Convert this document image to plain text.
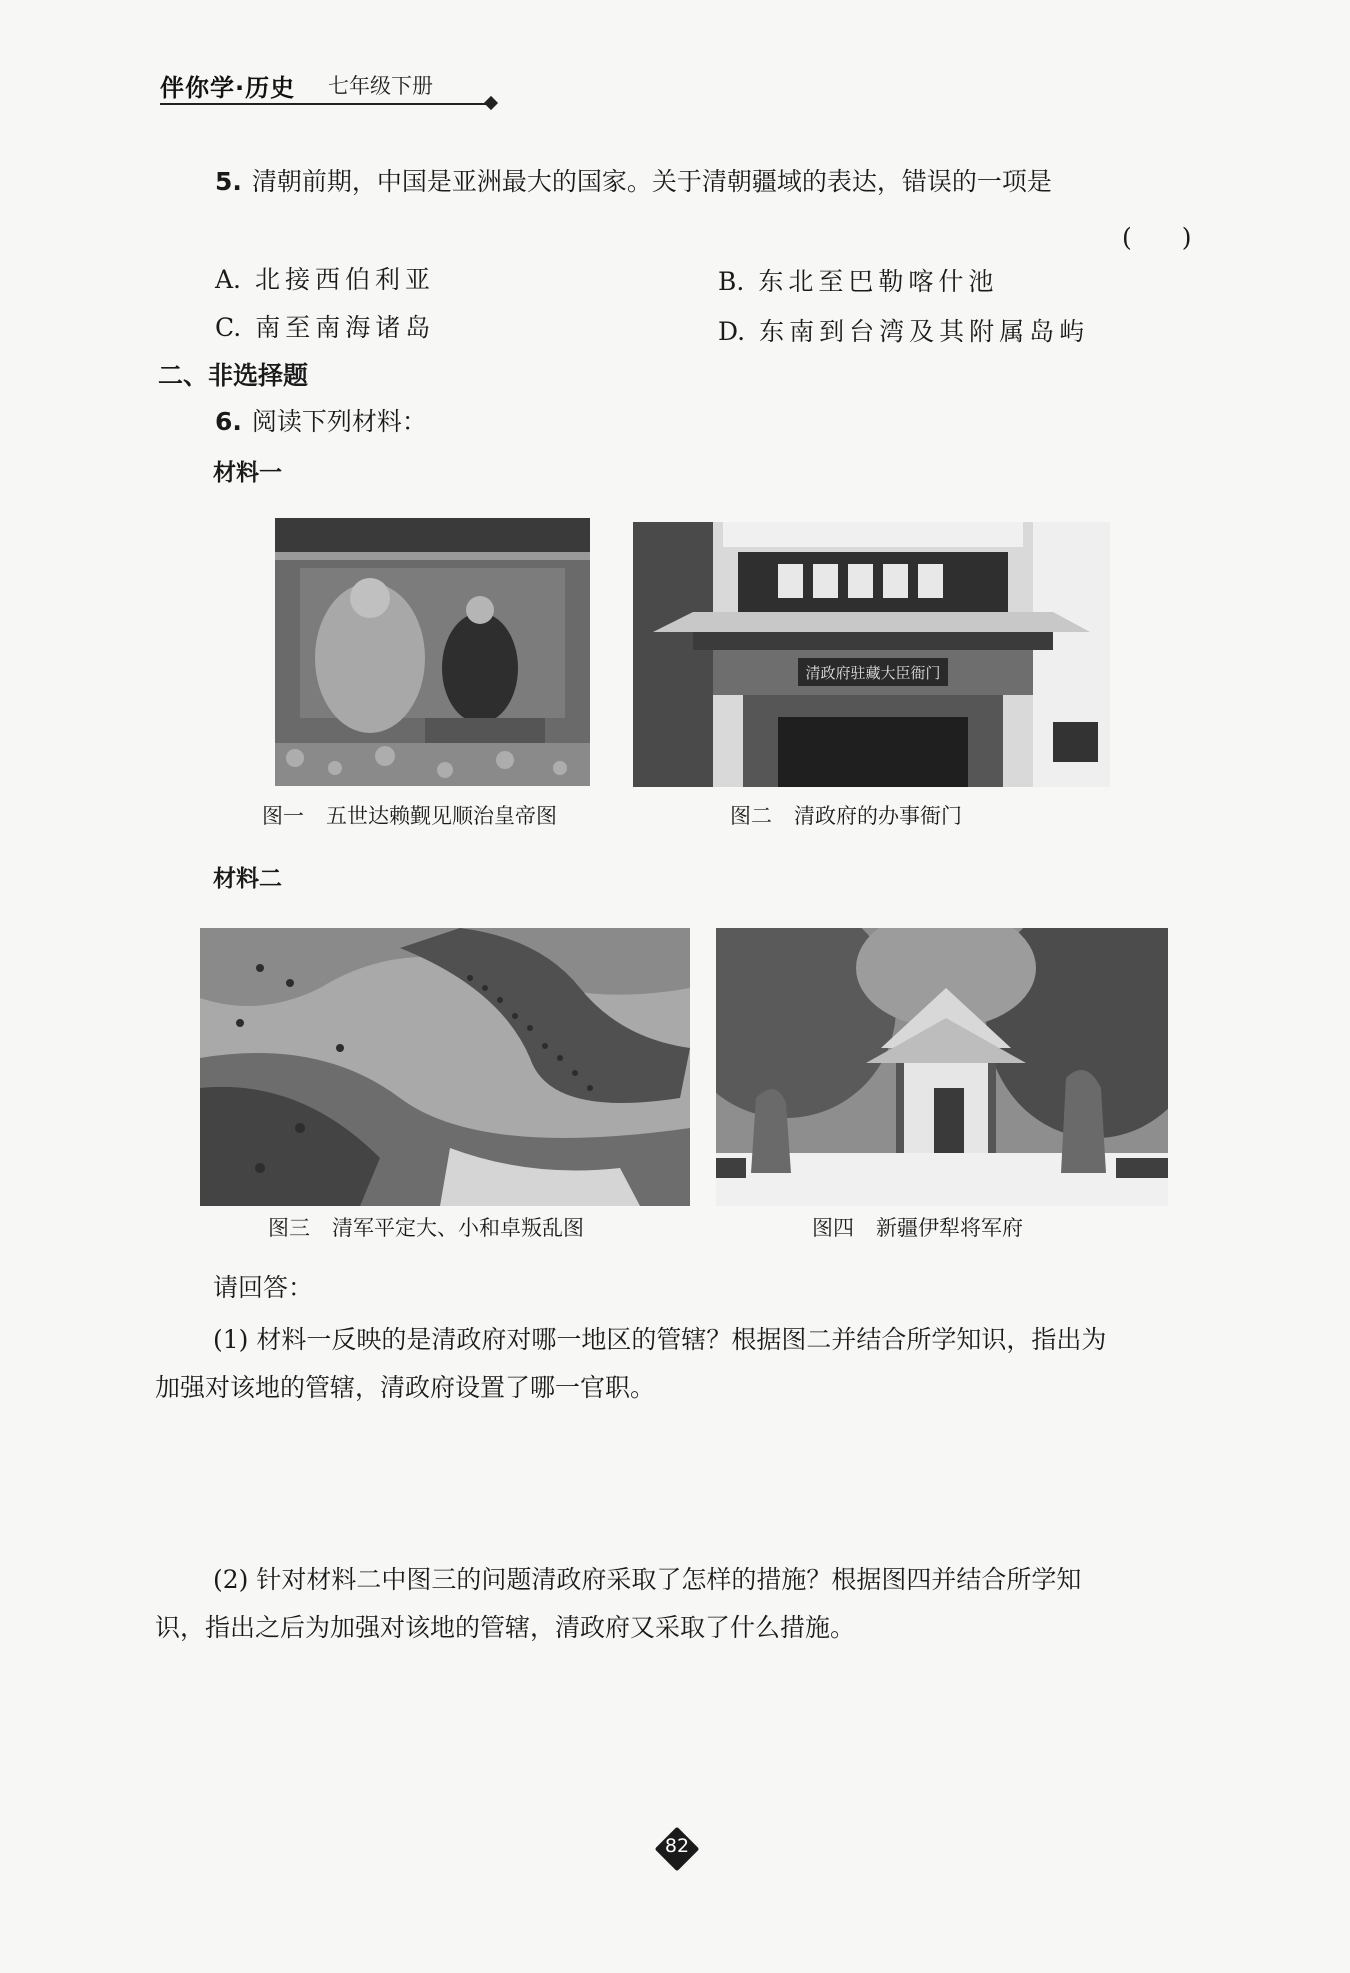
伴你学·历史 七年级下册
5. 清朝前期，中国是亚洲最大的国家。关于清朝疆域的表达，错误的一项是
(　　)
A. 北接西伯利亚	B. 东北至巴勒喀什池
C. 南至南海诸岛	D. 东南到台湾及其附属岛屿
二、非选择题
6. 阅读下列材料：
材料一
清政府驻藏大臣衙门
图一 五世达赖觐见顺治皇帝图	图二 清政府的办事衙门
材料二
图三 清军平定大、小和卓叛乱图	图四 新疆伊犁将军府
请回答：
(1) 材料一反映的是清政府对哪一地区的管辖？根据图二并结合所学知识，指出为
加强对该地的管辖，清政府设置了哪一官职。
(2) 针对材料二中图三的问题清政府采取了怎样的措施？根据图四并结合所学知
识，指出之后为加强对该地的管辖，清政府又采取了什么措施。
82
